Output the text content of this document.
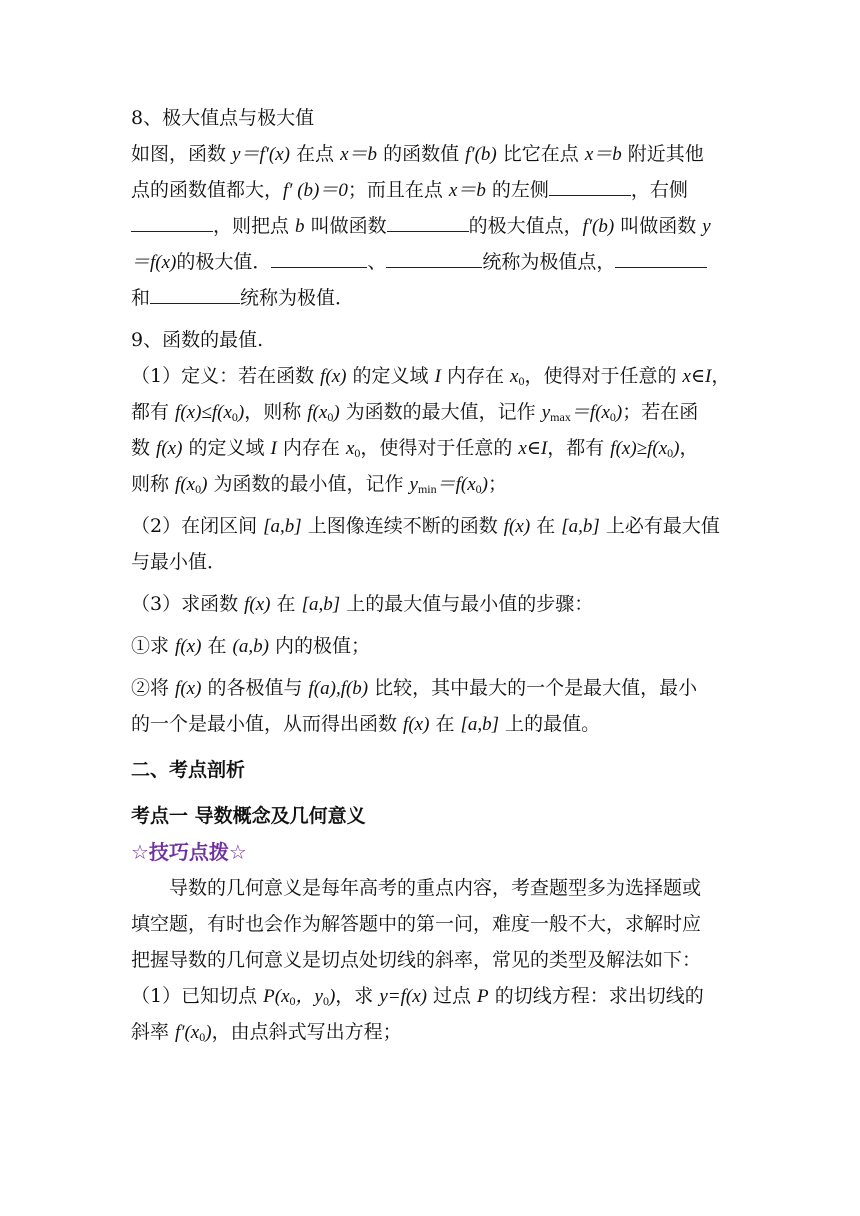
8、极大值点与极大值
如图，函数 y＝f′(x) 在点 x＝b 的函数值 f′(b) 比它在点 x＝b 附近其他
点的函数值都大，f′ (b)＝0；而且在点 x＝b 的左侧	，右侧
，则把点 b 叫做函数	的极大值点，f′(b) 叫做函数 y
＝f(x)的极大值．	、	统称为极值点，
和	统称为极值．
9、函数的最值.
（1）定义：若在函数 f(x) 的定义域 I 内存在 $x_0$，使得对于任意的 x∈I，
都有 $f(x)\le f(x_0)$，则称 $f(x_0)$ 为函数的最大值，记作 $y_{max}=f(x_0)$；若在函
数 f(x) 的定义域 I 内存在 $x_0$，使得对于任意的 x∈I，都有 $f(x)\ge f(x_0)$，
则称 $f(x_0)$ 为函数的最小值，记作 $y_{min}=f(x_0)$；
（2）在闭区间 [a,b] 上图像连续不断的函数 f(x) 在 [a,b] 上必有最大值
与最小值．
（3）求函数 f(x) 在 [a,b] 上的最大值与最小值的步骤：
①求 f(x) 在 (a,b) 内的极值；
②将 f(x) 的各极值与 f(a),f(b) 比较，其中最大的一个是最大值，最小
的一个是最小值，从而得出函数 f(x) 在 [a,b] 上的最值。
二、考点剖析
考点一 导数概念及几何意义
☆技巧点拨☆
导数的几何意义是每年高考的重点内容，考查题型多为选择题或
填空题，有时也会作为解答题中的第一问，难度一般不大，求解时应
把握导数的几何意义是切点处切线的斜率，常见的类型及解法如下：
（1）已知切点 $P(x_0$，$y_0$)，求 y=f(x) 过点 P 的切线方程：求出切线的
斜率 $f'(x_0)$，由点斜式写出方程；
